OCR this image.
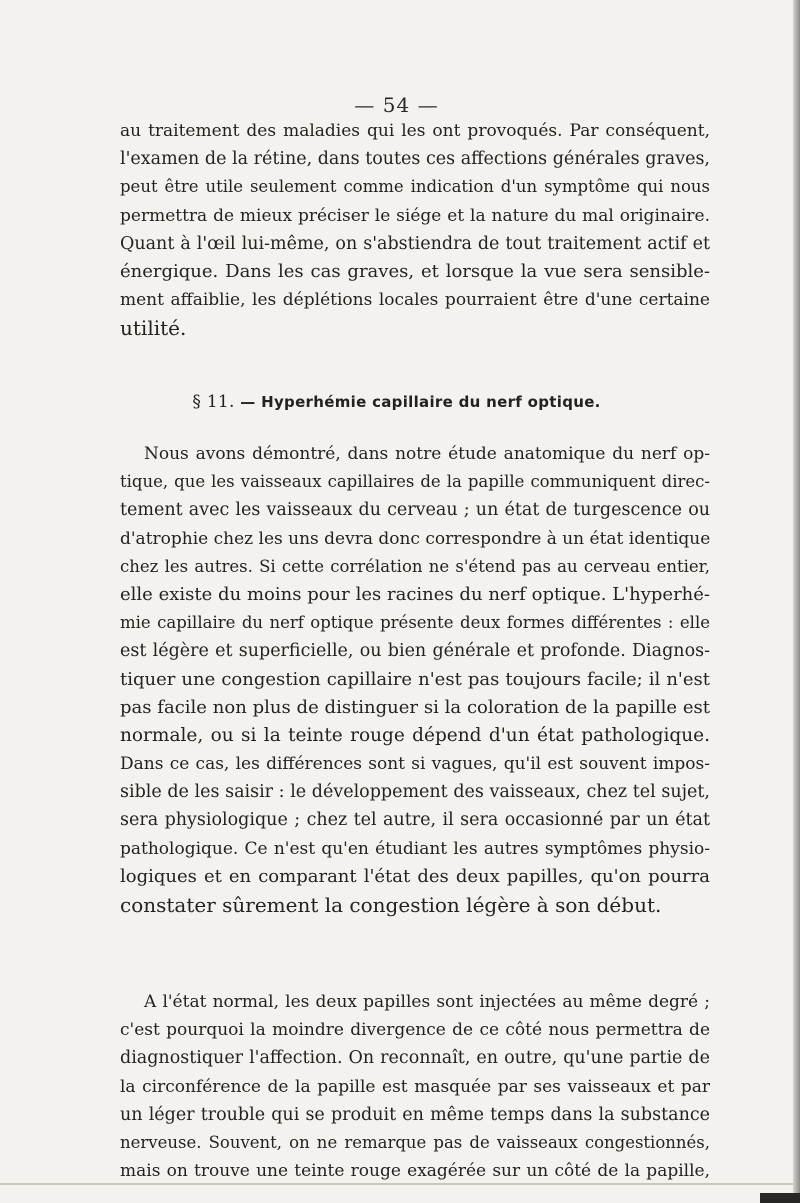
— 54 —
au traitement des maladies qui les ont provoqués. Par conséquent,
l'examen de la rétine, dans toutes ces affections générales graves,
peut être utile seulement comme indication d'un symptôme qui nous
permettra de mieux préciser le siége et la nature du mal originaire.
Quant à l'œil lui-même, on s'abstiendra de tout traitement actif et
énergique. Dans les cas graves, et lorsque la vue sera sensible-
ment affaiblie, les déplétions locales pourraient être d'une certaine
utilité.
§ 11. — Hyperhémie capillaire du nerf optique.
Nous avons démontré, dans notre étude anatomique du nerf op-
tique, que les vaisseaux capillaires de la papille communiquent direc-
tement avec les vaisseaux du cerveau ; un état de turgescence ou
d'atrophie chez les uns devra donc correspondre à un état identique
chez les autres. Si cette corrélation ne s'étend pas au cerveau entier,
elle existe du moins pour les racines du nerf optique. L'hyperhé-
mie capillaire du nerf optique présente deux formes différentes : elle
est légère et superficielle, ou bien générale et profonde. Diagnos-
tiquer une congestion capillaire n'est pas toujours facile; il n'est
pas facile non plus de distinguer si la coloration de la papille est
normale, ou si la teinte rouge dépend d'un état pathologique.
Dans ce cas, les différences sont si vagues, qu'il est souvent impos-
sible de les saisir : le développement des vaisseaux, chez tel sujet,
sera physiologique ; chez tel autre, il sera occasionné par un état
pathologique. Ce n'est qu'en étudiant les autres symptômes physio-
logiques et en comparant l'état des deux papilles, qu'on pourra
constater sûrement la congestion légère à son début.
A l'état normal, les deux papilles sont injectées au même degré ;
c'est pourquoi la moindre divergence de ce côté nous permettra de
diagnostiquer l'affection. On reconnaît, en outre, qu'une partie de
la circonférence de la papille est masquée par ses vaisseaux et par
un léger trouble qui se produit en même temps dans la substance
nerveuse. Souvent, on ne remarque pas de vaisseaux congestionnés,
mais on trouve une teinte rouge exagérée sur un côté de la papille,
